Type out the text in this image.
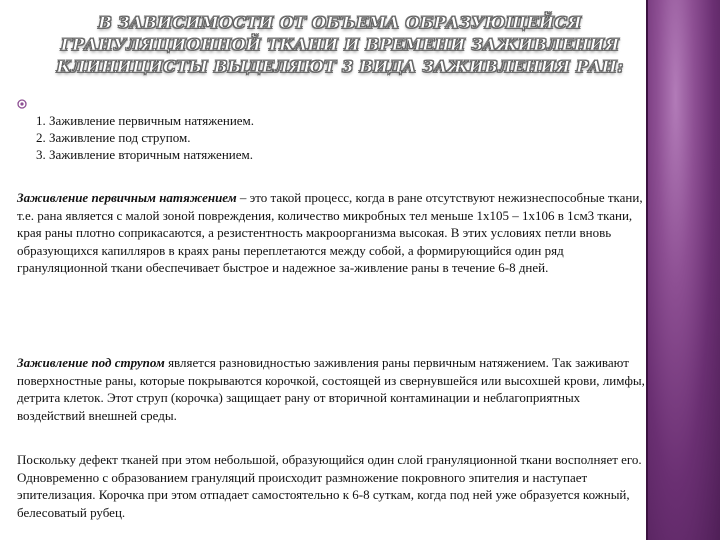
В ЗАВИСИМОСТИ ОТ ОБЪЕМА ОБРАЗУЮЩЕЙСЯ
ГРАНУЛЯЦИОННОЙ ТКАНИ И ВРЕМЕНИ ЗАЖИВЛЕНИЯ
КЛИНИЦИСТЫ ВЫДЕЛЯЮТ 3 ВИДА ЗАЖИВЛЕНИЯ РАН:
1. Заживление первичным натяжением.
2. Заживление под струпом.
3. Заживление вторичным натяжением.

Заживление первичным натяжением – это такой процесс, когда в ране отсутствуют нежизнеспособные ткани, т.е. рана является с малой зоной повреждения, количество микробных тел меньше 1х105 – 1х106 в 1см3 ткани, края раны плотно соприкасаются, а резистентность макроорганизма высокая. В этих условиях петли вновь образующихся капилляров в краях раны переплетаются между собой, а формирующийся один ряд грануляционной ткани обеспечивает быстрое и надежное за-живление раны в течение 6-8 дней.

Заживление под струпом является разновидностью заживления раны первичным натяжением. Так заживают поверхностные раны, которые покрываются корочкой, состоящей из свернувшейся или высохшей крови, лимфы, детрита клеток. Этот струп (корочка) защищает рану от вторичной контаминации и неблагоприятных воздействий внешней среды.

Поскольку дефект тканей при этом небольшой, образующийся один слой грануляционной ткани восполняет его. Одновременно с образованием грануляций происходит размножение покровного эпителия и наступает эпителизация. Корочка при этом отпадает самостоятельно к 6-8 суткам, когда под ней уже образуется кожный, белесоватый рубец.
